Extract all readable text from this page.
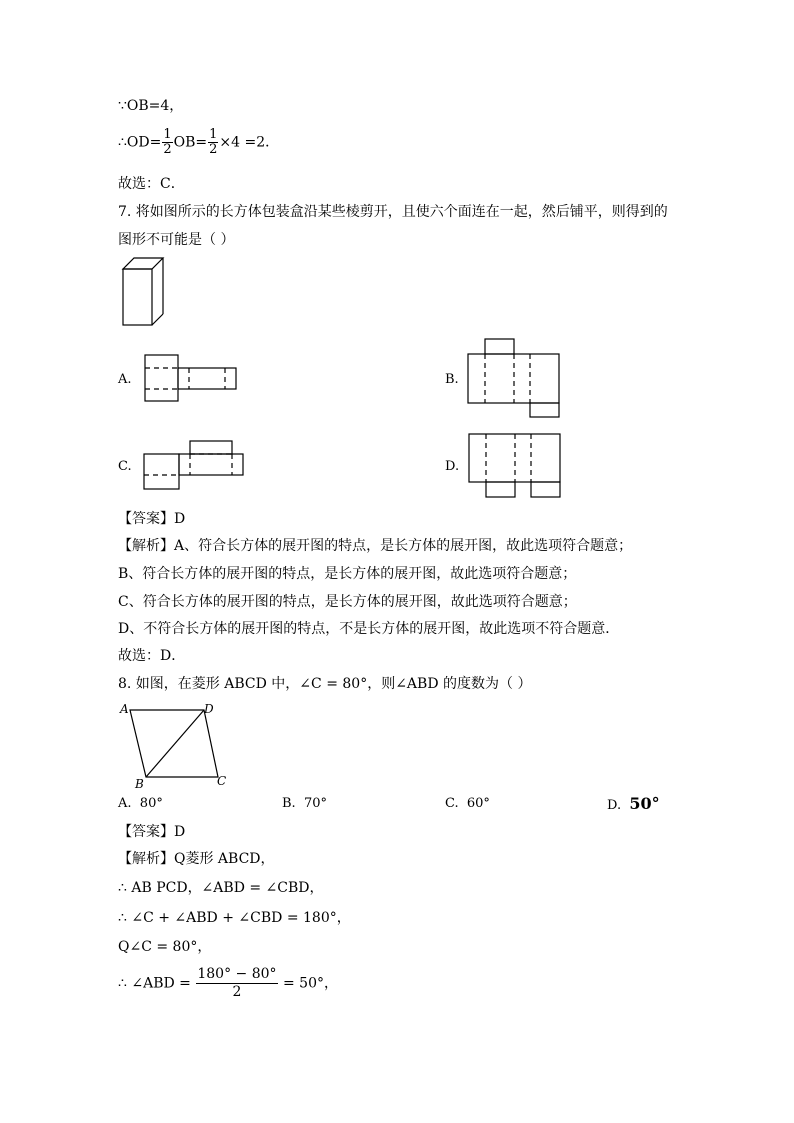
∵OB=4，
∴OD= $\frac{1}{2} OB= \frac{1}{2} \times 4 =2$．
故选：C．
7. 将如图所示的长方体包装盒沿某些棱剪开，且使六个面连在一起，然后铺平，则得到的
图形不可能是（ ）
A.	B.
C.	D.
【答案】D
【解析】A、符合长方体的展开图的特点，是长方体的展开图，故此选项符合题意；
B、符合长方体的展开图的特点，是长方体的展开图，故此选项符合题意；
C、符合长方体的展开图的特点，是长方体的展开图，故此选项符合题意；
D、不符合长方体的展开图的特点，不是长方体的展开图，故此选项不符合题意．
故选：D．
8. 如图，在菱形 ABCD 中，∠C = 80°，则∠ABD 的度数为（ ）
A	D
B	C
A. 80°	B. 70°	C. 60°	D. 50°
【答案】D
【解析】Q菱形 ABCD，
∴ AB PCD，∠ABD = ∠CBD，
∴ ∠C + ∠ABD + ∠CBD = 180°，
Q∠C = 80°，
∴ ∠ABD = $\frac{180^\circ - 80^\circ}{2} = 50^\circ$，
